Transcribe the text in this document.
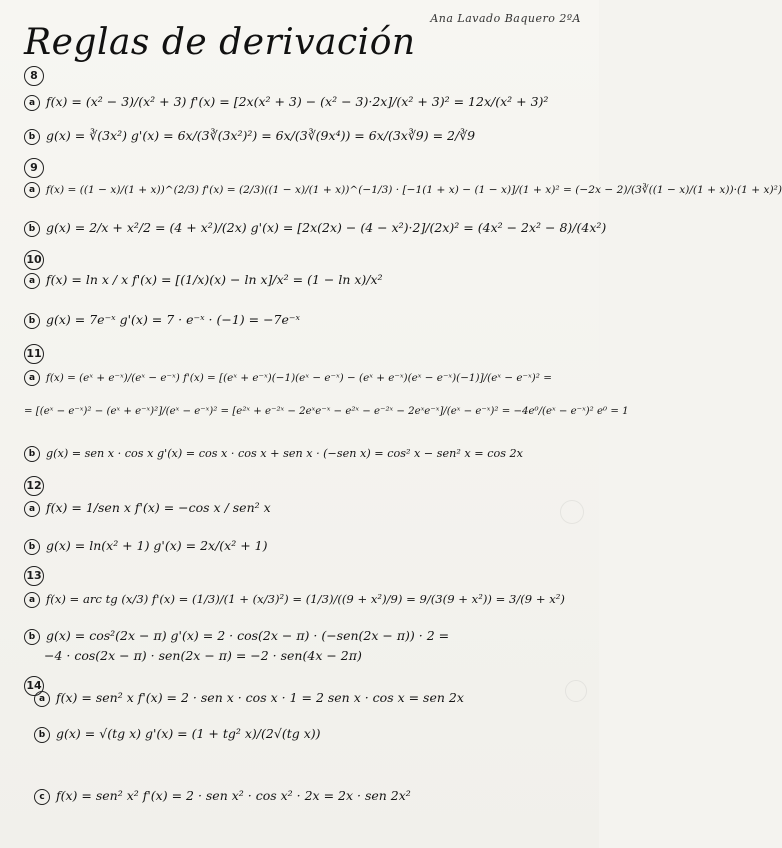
Ana Lavado Baquero 2ºA
Reglas de derivación
8
a f(x) = (x² − 3)/(x² + 3) f'(x) = [2x(x² + 3) − (x² − 3)·2x]/(x² + 3)² = 12x/(x² + 3)²
b g(x) = ∛(3x²) g'(x) = 6x/(3∛(3x²)²) = 6x/(3∛(9x⁴)) = 6x/(3x∛9) = 2/∛9
9
a f(x) = ((1 − x)/(1 + x))^(2/3) f'(x) = (2/3)((1 − x)/(1 + x))^(−1/3) · [−1(1 + x) − (1 − x)]/(1 + x)² = (−2x − 2)/(3∛((1 − x)/(1 + x))·(1 + x)²)
b g(x) = 2/x + x²/2 = (4 + x²)/(2x) g'(x) = [2x(2x) − (4 − x²)·2]/(2x)² = (4x² − 2x² − 8)/(4x²)
10
a f(x) = ln x / x f'(x) = [(1/x)(x) − ln x]/x² = (1 − ln x)/x²
b g(x) = 7e⁻ˣ g'(x) = 7 · e⁻ˣ · (−1) = −7e⁻ˣ
11
a f(x) = (eˣ + e⁻ˣ)/(eˣ − e⁻ˣ) f'(x) = [(eˣ + e⁻ˣ)(−1)(eˣ − e⁻ˣ) − (eˣ + e⁻ˣ)(eˣ − e⁻ˣ)(−1)]/(eˣ − e⁻ˣ)² =
= [(eˣ − e⁻ˣ)² − (eˣ + e⁻ˣ)²]/(eˣ − e⁻ˣ)² = [e²ˣ + e⁻²ˣ − 2eˣe⁻ˣ − e²ˣ − e⁻²ˣ − 2eˣe⁻ˣ]/(eˣ − e⁻ˣ)² = −4e⁰/(eˣ − e⁻ˣ)² e⁰ = 1
b g(x) = sen x · cos x g'(x) = cos x · cos x + sen x · (−sen x) = cos² x − sen² x = cos 2x
12
a f(x) = 1/sen x f'(x) = −cos x / sen² x
b g(x) = ln(x² + 1) g'(x) = 2x/(x² + 1)
13
a f(x) = arc tg (x/3) f'(x) = (1/3)/(1 + (x/3)²) = (1/3)/((9 + x²)/9) = 9/(3(9 + x²)) = 3/(9 + x²)
b g(x) = cos²(2x − π) g'(x) = 2 · cos(2x − π) · (−sen(2x − π)) · 2 =
−4 · cos(2x − π) · sen(2x − π) = −2 · sen(4x − 2π)
14
a f(x) = sen² x f'(x) = 2 · sen x · cos x · 1 = 2 sen x · cos x = sen 2x
b g(x) = √(tg x) g'(x) = (1 + tg² x)/(2√(tg x))
c f(x) = sen² x² f'(x) = 2 · sen x² · cos x² · 2x = 2x · sen 2x²
